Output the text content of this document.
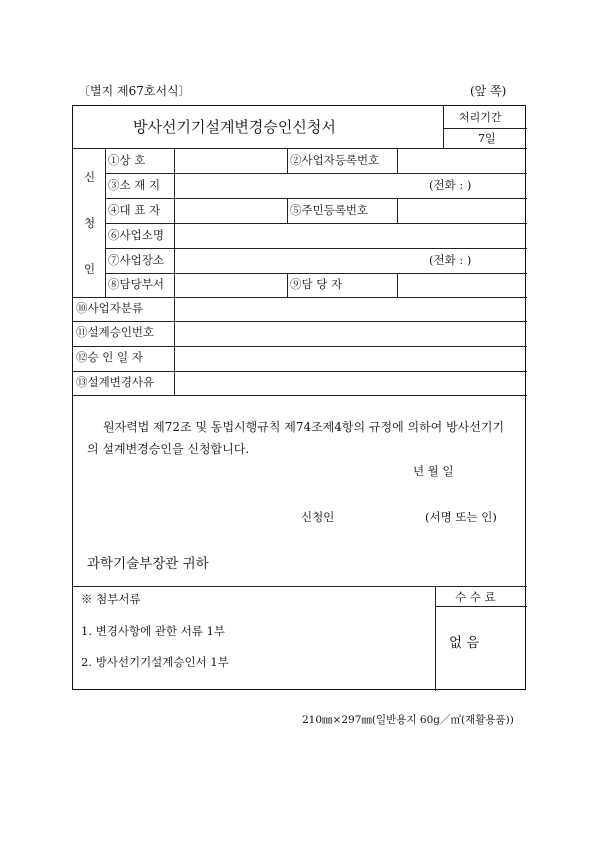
〔별지 제67호서식〕	(앞 쪽)
방사선기기설계변경승인신청서
처리기간
7일
신
청
인
①상 호	②사업자등록번호
③소 재 지	(전화 : )
④대 표 자	⑤주민등록번호
⑥사업소명
⑦사업장소	(전화 : )
⑧담당부서	⑨담 당 자
⑩사업자분류
⑪설계승인번호
⑫승 인 일 자
⑬설계변경사유
원자력법 제72조 및 동법시행규칙 제74조제4항의 규정에 의하여 방사선기기의 설계변경승인을 신청합니다.
년 월 일
신청인	(서명 또는 인)
과학기술부장관 귀하
※ 첨부서류
1. 변경사항에 관한 서류 1부
2. 방사선기기설계승인서 1부
수 수 료
없 음
210㎜×297㎜(일반용지 60g／㎡(재활용품))
